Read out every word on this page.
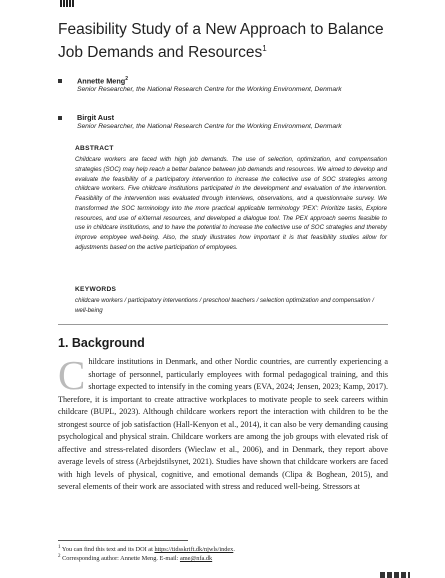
Feasibility Study of a New Approach to Balance Job Demands and Resources$^1$
Annette Meng$^2$
Senior Researcher, the National Research Centre for the Working Environment, Denmark
Birgit Aust
Senior Researcher, the National Research Centre for the Working Environment, Denmark
ABSTRACT

Childcare workers are faced with high job demands. The use of selection, optimization, and compensation strategies (SOC) may help reach a better balance between job demands and resources. We aimed to develop and evaluate the feasibility of a participatory intervention to increase the collective use of SOC strategies among childcare workers. Five childcare institutions participated in the development and evaluation of the intervention. Feasibility of the intervention was evaluated through interviews, observations, and a questionnaire survey. We transformed the SOC terminology into the more practical applicable terminology 'PEX': Prioritize tasks, Explore resources, and use of eXternal resources, and developed a dialogue tool. The PEX approach seems feasible to use in childcare institutions, and to have the potential to increase the collective use of SOC strategies and thereby improve employee well-being. Also, the study illustrates how important it is that feasibility studies allow for adjustments based on the active participation of employees.

KEYWORDS

childcare workers / participatory interventions / preschool teachers / selection optimization and compensation / well-being

1. Background

Childcare institutions in Denmark, and other Nordic countries, are currently experiencing a shortage of personnel, particularly employees with formal pedagogical training, and this shortage expected to intensify in the coming years (EVA, 2024; Jensen, 2023; Kamp, 2017). Therefore, it is important to create attractive workplaces to motivate people to seek careers within childcare (BUPL, 2023). Although childcare workers report the interaction with children to be the strongest source of job satisfaction (Hall-Kenyon et al., 2014), it can also be very demanding causing psychological and physical strain. Childcare workers are among the job groups with elevated risk of affective and stress-related disorders (Wieclaw et al., 2006), and in Denmark, they report above average levels of stress (Arbejdstilsynet, 2021). Studies have shown that childcare workers are faced with high levels of physical, cognitive, and emotional demands (Clipa & Boghean, 2015), and several elements of their work are associated with stress and reduced well-being. Stressors at

$^1$ You can find this text and its DOI at https://tidsskrift.dk/njwls/index.
$^2$ Corresponding author: Annette Meng. E-mail: ame@nfa.dk
